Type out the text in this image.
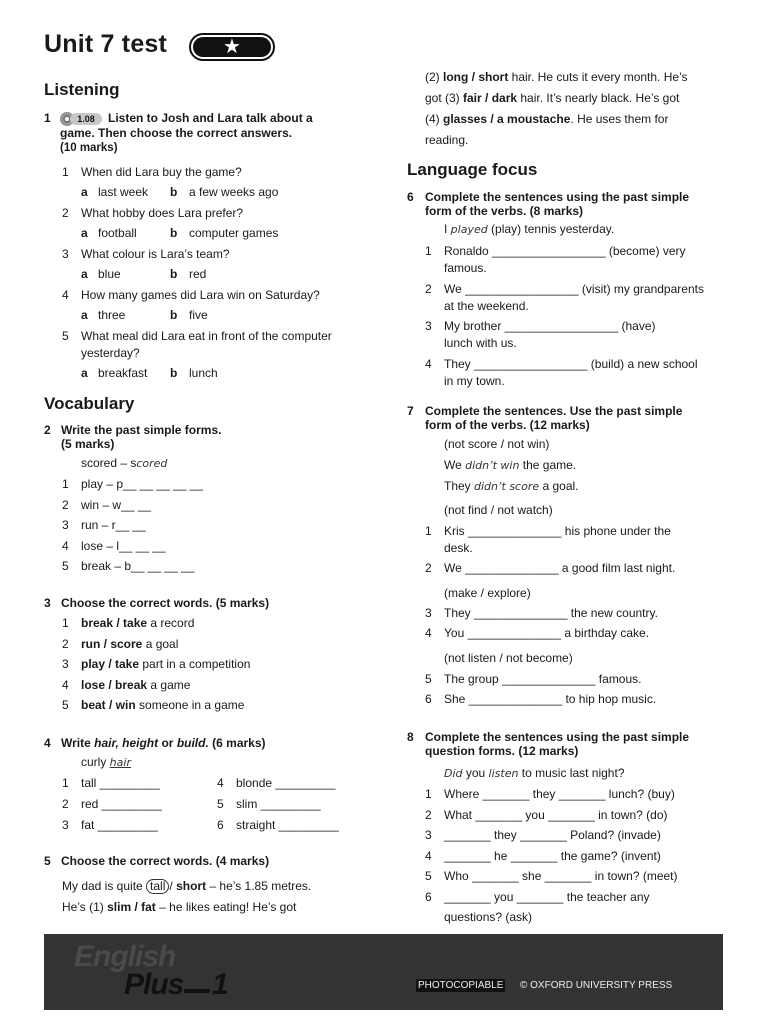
Unit 7 test	★
Listening
1	1.08	Listen to Josh and Lara talk about a
game. Then choose the correct answers.
(10 marks)
1 When did Lara buy the game?
a last week b a few weeks ago
2 What hobby does Lara prefer?
a football	b computer games
3 What colour is Lara’s team?
a blue	b red
4 How many games did Lara win on Saturday?
a three	b five
5 What meal did Lara eat in front of the computer
yesterday?
a breakfast b lunch
Vocabulary
2 Write the past simple forms.
(5 marks)
scored – scored
1 play – p__ __ __ __ __
2 win – w__ __
3 run – r__ __
4 lose – l__ __ __
5 break – b__ __ __ __
3 Choose the correct words. (5 marks)
1 break / take a record
2 run / score a goal
3 play / take part in a competition
4 lose / break a game
5 beat / win someone in a game
4 Write hair, height or build. (6 marks)
curly hair
1 tall _________
2 red _________
3 fat _________
4 blonde _________
5 slim _________
6 straight _________
5 Choose the correct words. (4 marks)
My dad is quite tall / short – he’s 1.85 metres.
He’s (1) slim / fat – he likes eating! He’s got
(2) long / short hair. He cuts it every month. He’s
got (3) fair / dark hair. It’s nearly black. He’s got
(4) glasses / a moustache. He uses them for
reading.
Language focus
6 Complete the sentences using the past simple
form of the verbs. (8 marks)
I played (play) tennis yesterday.
1 Ronaldo _________________ (become) very
famous.
2 We _________________ (visit) my grandparents
at the weekend.
3 My brother _________________ (have)
lunch with us.
4 They _________________ (build) a new school
in my town.
7 Complete the sentences. Use the past simple
form of the verbs. (12 marks)
(not score / not win)
We didn’t win the game.
They didn’t score a goal.
(not find / not watch)
1 Kris ______________ his phone under the
desk.
2 We ______________ a good film last night.
(make / explore)
3 They ______________ the new country.
4 You ______________ a birthday cake.
(not listen / not become)
5 The group ______________ famous.
6 She ______________ to hip hop music.
8 Complete the sentences using the past simple
question forms. (12 marks)
Did you listen to music last night?
1 Where _______ they _______ lunch? (buy)
2 What _______ you _______ in town? (do)
3 _______ they _______ Poland? (invade)
4 _______ he _______ the game? (invent)
5 Who _______ she _______ in town? (meet)
6 _______ you _______ the teacher any
questions? (ask)
English
Plus 1	PHOTOCOPIABLE © OXFORD UNIVERSITY PRESS
